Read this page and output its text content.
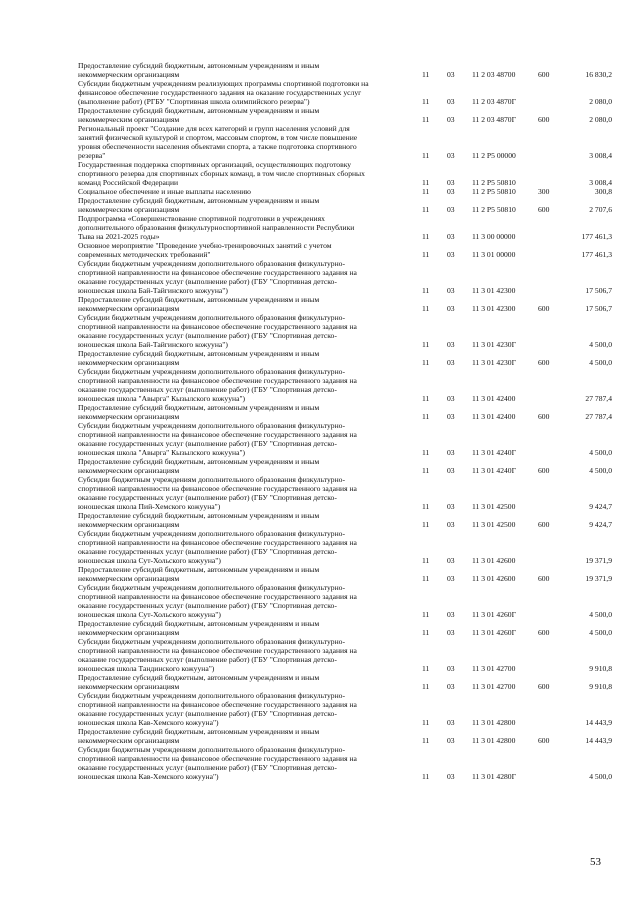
Предоставление субсидий бюджетным, автономным учреждениям и иным
некоммерческим организациям	11 03 11 2 03 48700	600	16 830,2
Субсидии бюджетным учреждениям реализующих программы спортивной подготовки на
финансовое обеспечение государственного задания на оказание государственных услуг
(выполнение работ) (РГБУ "Спортивная школа олимпийского резерва")	11 03 11 2 03 4870Г	2 080,0
Предоставление субсидий бюджетным, автономным учреждениям и иным
некоммерческим организациям	11 03 11 2 03 4870Г	600	2 080,0
Региональный проект "Создание для всех категорий и групп населения условий для
занятий физической культурой и спортом, массовым спортом, в том числе повышение
уровня обеспеченности населения объектами спорта, а также подготовка спортивного
резерва"	11 03 11 2 P5 00000	3 008,4
Государственная поддержка спортивных организаций, осуществляющих подготовку
спортивного резерва для спортивных сборных команд, в том числе спортивных сборных
команд Российской Федерации	11 03 11 2 P5 50810	3 008,4
Социальное обеспечение и иные выплаты населению	11 03 11 2 P5 50810	300	300,8
Предоставление субсидий бюджетным, автономным учреждениям и иным
некоммерческим организациям	11 03 11 2 P5 50810	600	2 707,6
Подпрограмма «Совершенствование спортивной подготовки в учреждениях
дополнительного образования физкультурноспортивной направленности Республики
Тыва на 2021-2025 годы»	11 03 11 3 00 00000	177 461,3
Основное мероприятие "Проведение учебно-тренировочных занятий с учетом
современных методических требований"	11 03 11 3 01 00000	177 461,3
Субсидии бюджетным учреждениям дополнительного образования физкультурно-
спортивной направленности на финансовое обеспечение государственного задания на
оказание государственных услуг (выполнение работ) (ГБУ "Спортивная детско-
юношеская школа Бай-Тайгинского кожууна")	11 03 11 3 01 42300	17 506,7
Предоставление субсидий бюджетным, автономным учреждениям и иным
некоммерческим организациям	11 03 11 3 01 42300	600	17 506,7
Субсидии бюджетным учреждениям дополнительного образования физкультурно-
спортивной направленности на финансовое обеспечение государственного задания на
оказание государственных услуг (выполнение работ) (ГБУ "Спортивная детско-
юношеская школа Бай-Тайгинского кожууна")	11 03 11 3 01 4230Г	4 500,0
Предоставление субсидий бюджетным, автономным учреждениям и иным
некоммерческим организациям	11 03 11 3 01 4230Г	600	4 500,0
Субсидии бюджетным учреждениям дополнительного образования физкультурно-
спортивной направленности на финансовое обеспечение государственного задания на
оказание государственных услуг (выполнение работ) (ГБУ "Спортивная детско-
юношеская школа "Авырга" Кызылского кожууна")	11 03 11 3 01 42400	27 787,4
Предоставление субсидий бюджетным, автономным учреждениям и иным
некоммерческим организациям	11 03 11 3 01 42400	600	27 787,4
Субсидии бюджетным учреждениям дополнительного образования физкультурно-
спортивной направленности на финансовое обеспечение государственного задания на
оказание государственных услуг (выполнение работ) (ГБУ "Спортивная детско-
юношеская школа "Авырга" Кызылского кожууна")	11 03 11 3 01 4240Г	4 500,0
Предоставление субсидий бюджетным, автономным учреждениям и иным
некоммерческим организациям	11 03 11 3 01 4240Г	600	4 500,0
Субсидии бюджетным учреждениям дополнительного образования физкультурно-
спортивной направленности на финансовое обеспечение государственного задания на
оказание государственных услуг (выполнение работ) (ГБУ "Спортивная детско-
юношеская школа Пий-Хемского кожууна")	11 03 11 3 01 42500	9 424,7
Предоставление субсидий бюджетным, автономным учреждениям и иным
некоммерческим организациям	11 03 11 3 01 42500	600	9 424,7
Субсидии бюджетным учреждениям дополнительного образования физкультурно-
спортивной направленности на финансовое обеспечение государственного задания на
оказание государственных услуг (выполнение работ) (ГБУ "Спортивная детско-
юношеская школа Сут-Хольского кожууна")	11 03 11 3 01 42600	19 371,9
Предоставление субсидий бюджетным, автономным учреждениям и иным
некоммерческим организациям	11 03 11 3 01 42600	600	19 371,9
Субсидии бюджетным учреждениям дополнительного образования физкультурно-
спортивной направленности на финансовое обеспечение государственного задания на
оказание государственных услуг (выполнение работ) (ГБУ "Спортивная детско-
юношеская школа Сут-Хольского кожууна")	11 03 11 3 01 4260Г	4 500,0
Предоставление субсидий бюджетным, автономным учреждениям и иным
некоммерческим организациям	11 03 11 3 01 4260Г	600	4 500,0
Субсидии бюджетным учреждениям дополнительного образования физкультурно-
спортивной направленности на финансовое обеспечение государственного задания на
оказание государственных услуг (выполнение работ) (ГБУ "Спортивная детско-
юношеская школа Тандинского кожууна")	11 03 11 3 01 42700	9 910,8
Предоставление субсидий бюджетным, автономным учреждениям и иным
некоммерческим организациям	11 03 11 3 01 42700	600	9 910,8
Субсидии бюджетным учреждениям дополнительного образования физкультурно-
спортивной направленности на финансовое обеспечение государственного задания на
оказание государственных услуг (выполнение работ) (ГБУ "Спортивная детско-
юношеская школа Кав-Хемского кожууна")	11 03 11 3 01 42800	14 443,9
Предоставление субсидий бюджетным, автономным учреждениям и иным
некоммерческим организациям	11 03 11 3 01 42800	600	14 443,9
Субсидии бюджетным учреждениям дополнительного образования физкультурно-
спортивной направленности на финансовое обеспечение государственного задания на
оказание государственных услуг (выполнение работ) (ГБУ "Спортивная детско-
юношеская школа Кав-Хемского кожууна")	11 03 11 3 01 4280Г	4 500,0
53
